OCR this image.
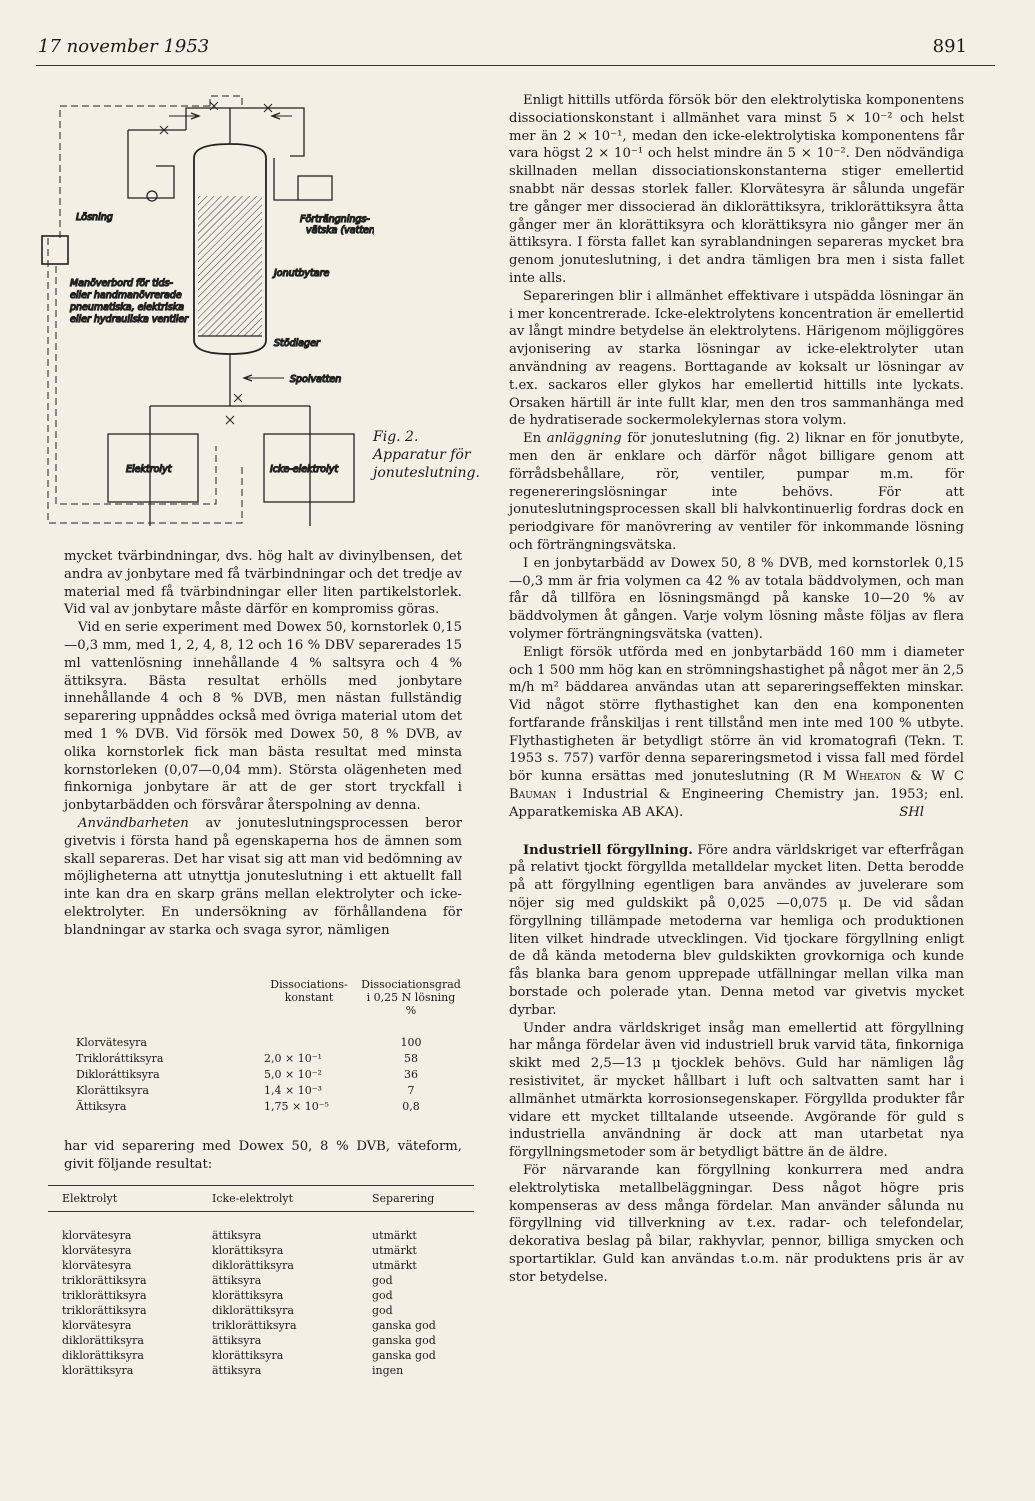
17 november 1953	891
Lösning	Förträngnings-
vätska (vatten)
Manöverbord för tids-
eller handmanövrerade
pneumatiska, elektriska
eller hydrauliska ventiler
Jonutbytare
Stödlager
Spolvatten
Elektrolyt	Icke-elektrolyt
Fig. 2. Apparatur för jonuteslutning.

mycket tvärbindningar, dvs. hög halt av divinylbensen, det andra av jonbytare med få tvärbindningar och det tredje av material med få tvärbindningar eller liten partikelstorlek. Vid val av jonbytare måste därför en kompromiss göras.

Vid en serie experiment med Dowex 50, kornstorlek 0,15 —0,3 mm, med 1, 2, 4, 8, 12 och 16 % DBV separerades 15 ml vattenlösning innehållande 4 % saltsyra och 4 % ättiksyra. Bästa resultat erhölls med jonbytare innehållande 4 och 8 % DVB, men nästan fullständig separering uppnåddes också med övriga material utom det med 1 % DVB. Vid försök med Dowex 50, 8 % DVB, av olika kornstorlek fick man bästa resultat med minsta kornstorleken (0,07—0,04 mm). Största olägenheten med finkorniga jonbytare är att de ger stort tryckfall i jonbytarbädden och försvårar återspolning av denna.

Användbarheten av jonuteslutningsprocessen beror givetvis i första hand på egenskaperna hos de ämnen som skall separeras. Det har visat sig att man vid bedömning av möjligheterna att utnyttja jonuteslutning i ett aktuellt fall inte kan dra en skarp gräns mellan elektrolyter och icke-elektrolyter. En undersökning av förhållandena för blandningar av starka och svaga syror, nämligen

	Dissociations-
konstant	Dissociationsgrad
i 0,25 N lösning
%

Klorvätesyra		100
Trikloráttiksyra	2,0 × 10⁻¹	58
Dikloráttiksyra	5,0 × 10⁻²	36
Klorättiksyra	1,4 × 10⁻³	7
Ättiksyra	1,75 × 10⁻⁵	0,8

har vid separering med Dowex 50, 8 % DVB, väteform, givit följande resultat:

Elektrolyt	Icke-elektrolyt	Separering

klorvätesyra	ättiksyra	utmärkt
klorvätesyra	klorättiksyra	utmärkt
klorvätesyra	diklorättiksyra	utmärkt
triklorättiksyra	ättiksyra	god
triklorättiksyra	klorättiksyra	god
triklorättiksyra	diklorättiksyra	god
klorvätesyra	triklorättiksyra	ganska god
diklorättiksyra	ättiksyra	ganska god
diklorättiksyra	klorättiksyra	ganska god
klorättiksyra	ättiksyra	ingen

Enligt hittills utförda försök bör den elektrolytiska komponentens dissociationskonstant i allmänhet vara minst 5 × 10⁻² och helst mer än 2 × 10⁻¹, medan den icke-elektrolytiska komponentens får vara högst 2 × 10⁻¹ och helst mindre än 5 × 10⁻². Den nödvändiga skillnaden mellan dissociationskonstanterna stiger emellertid snabbt när dessas storlek faller. Klorvätesyra är sålunda ungefär tre gånger mer dissocierad än diklorättiksyra, triklorättiksyra åtta gånger mer än klorättiksyra och klorättiksyra nio gånger mer än ättiksyra. I första fallet kan syrablandningen separeras mycket bra genom jonuteslutning, i det andra tämligen bra men i sista fallet inte alls.

Separeringen blir i allmänhet effektivare i utspädda lösningar än i mer koncentrerade. Icke-elektrolytens koncentration är emellertid av långt mindre betydelse än elektrolytens. Härigenom möjliggöres avjonisering av starka lösningar av icke-elektrolyter utan användning av reagens. Borttagande av koksalt ur lösningar av t.ex. sackaros eller glykos har emellertid hittills inte lyckats. Orsaken härtill är inte fullt klar, men den tros sammanhänga med de hydratiserade sockermolekylernas stora volym.

En anläggning för jonuteslutning (fig. 2) liknar en för jonutbyte, men den är enklare och därför något billigare genom att förrådsbehållare, rör, ventiler, pumpar m.m. för regenereringslösningar inte behövs. För att jonuteslutningsprocessen skall bli halvkontinuerlig fordras dock en periodgivare för manövrering av ventiler för inkommande lösning och förträngningsvätska.

I en jonbytarbädd av Dowex 50, 8 % DVB, med kornstorlek 0,15—0,3 mm är fria volymen ca 42 % av totala bäddvolymen, och man får då tillföra en lösningsmängd på kanske 10—20 % av bäddvolymen åt gången. Varje volym lösning måste följas av flera volymer förträngningsvätska (vatten).

Enligt försök utförda med en jonbytarbädd 160 mm i diameter och 1 500 mm hög kan en strömningshastighet på något mer än 2,5 m/h m² bäddarea användas utan att separeringseffekten minskar. Vid något större flythastighet kan den ena komponenten fortfarande frånskiljas i rent tillstånd men inte med 100 % utbyte. Flythastigheten är betydligt större än vid kromatografi (Tekn. T. 1953 s. 757) varför denna separeringsmetod i vissa fall med fördel bör kunna ersättas med jonuteslutning (R M Wheaton & W C Bauman i Industrial & Engineering Chemistry jan. 1953; enl. Apparatkemiska AB AKA).	SHl

Industriell förgyllning. Före andra världskriget var efterfrågan på relativt tjockt förgyllda metalldelar mycket liten. Detta berodde på att förgyllning egentligen bara användes av juvelerare som nöjer sig med guldskikt på 0,025 —0,075 μ. De vid sådan förgyllning tillämpade metoderna var hemliga och produktionen liten vilket hindrade utvecklingen. Vid tjockare förgyllning enligt de då kända metoderna blev guldskikten grovkorniga och kunde fås blanka bara genom upprepade utfällningar mellan vilka man borstade och polerade ytan. Denna metod var givetvis mycket dyrbar.

Under andra världskriget insåg man emellertid att förgyllning har många fördelar även vid industriell bruk varvid täta, finkorniga skikt med 2,5—13 μ tjocklek behövs. Guld har nämligen låg resistivitet, är mycket hållbart i luft och saltvatten samt har i allmänhet utmärkta korrosionsegenskaper. Förgyllda produkter får vidare ett mycket tilltalande utseende. Avgörande för guld s industriella användning är dock att man utarbetat nya förgyllningsmetoder som är betydligt bättre än de äldre.

För närvarande kan förgyllning konkurrera med andra elektrolytiska metallbeläggningar. Dess något högre pris kompenseras av dess många fördelar. Man använder sålunda nu förgyllning vid tillverkning av t.ex. radar- och telefondelar, dekorativa beslag på bilar, rakhyvlar, pennor, billiga smycken och sportartiklar. Guld kan användas t.o.m. när produktens pris är av stor betydelse.
